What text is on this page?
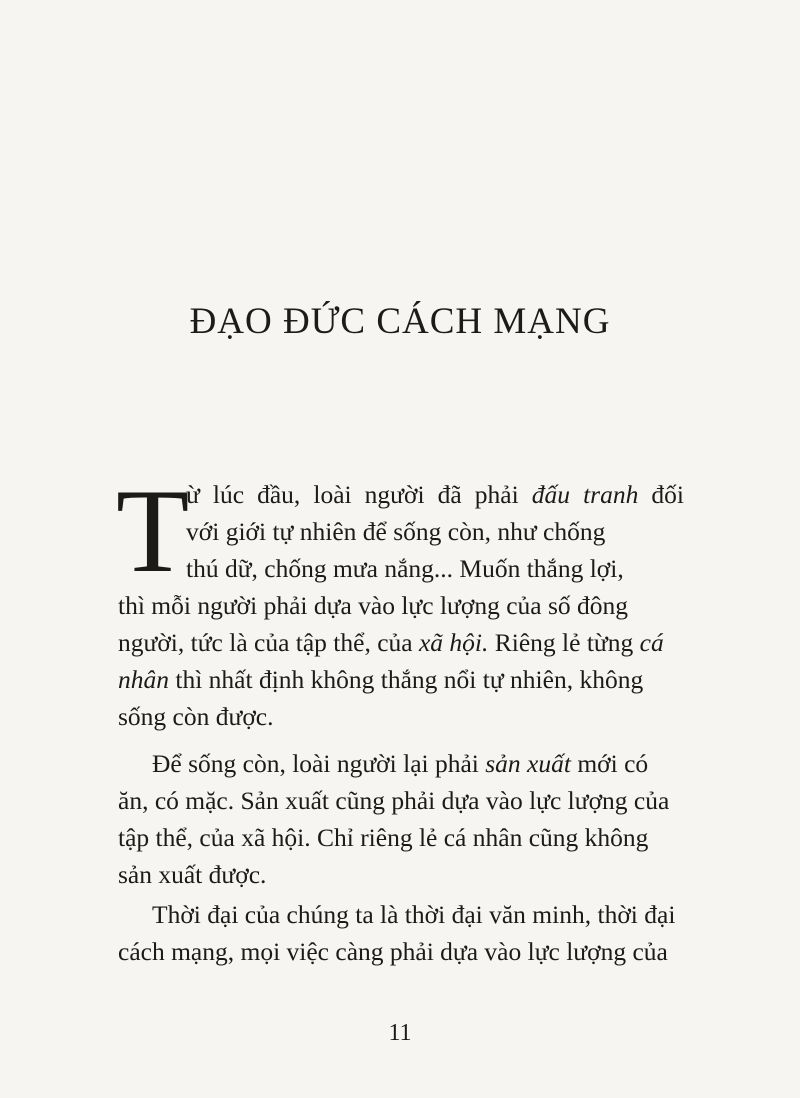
ĐẠO ĐỨC CÁCH MẠNG
T
ừ lúc đầu, loài người đã phải đấu tranh đối
với giới tự nhiên để sống còn, như chống
thú dữ, chống mưa nắng... Muốn thắng lợi,
thì mỗi người phải dựa vào lực lượng của số đông
người, tức là của tập thể, của xã hội. Riêng lẻ từng cá
nhân thì nhất định không thắng nổi tự nhiên, không
sống còn được.
Để sống còn, loài người lại phải sản xuất mới có
ăn, có mặc. Sản xuất cũng phải dựa vào lực lượng của
tập thể, của xã hội. Chỉ riêng lẻ cá nhân cũng không
sản xuất được.
Thời đại của chúng ta là thời đại văn minh, thời đại
cách mạng, mọi việc càng phải dựa vào lực lượng của
11
